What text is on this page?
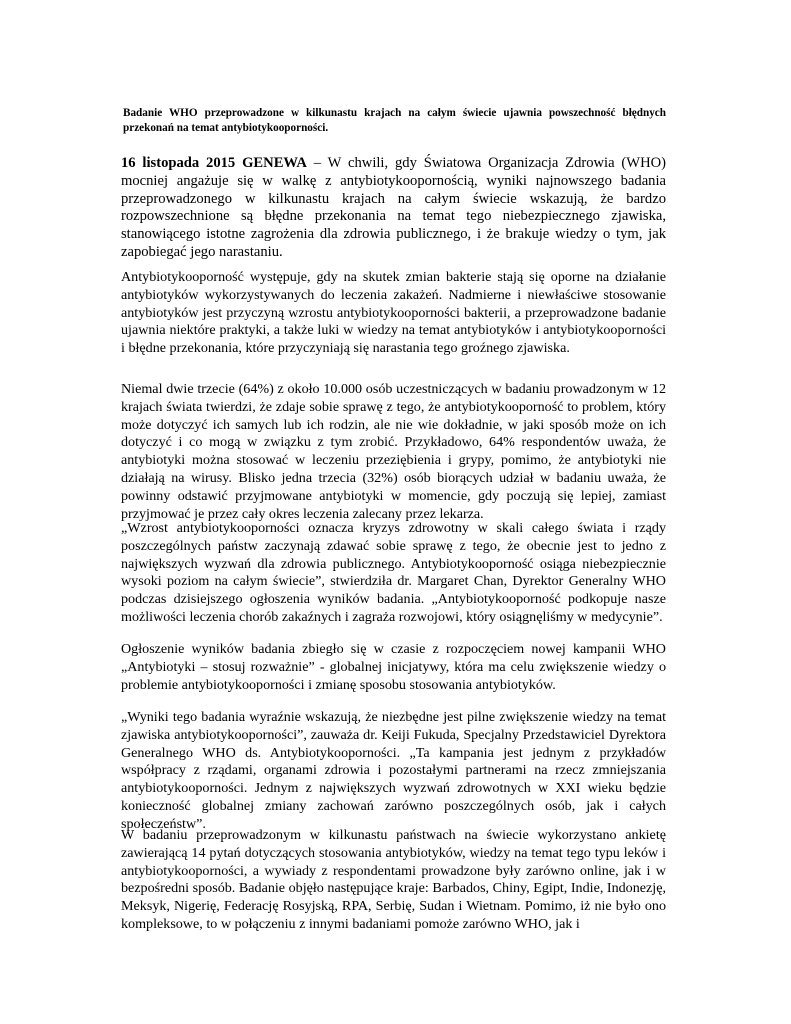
Badanie WHO przeprowadzone w kilkunastu krajach na całym świecie ujawnia powszechność błędnych przekonań na temat antybiotykooporności.

16 listopada 2015 GENEWA – W chwili, gdy Światowa Organizacja Zdrowia (WHO) mocniej angażuje się w walkę z antybiotykoopornością, wyniki najnowszego badania przeprowadzonego w kilkunastu krajach na całym świecie wskazują, że bardzo rozpowszechnione są błędne przekonania na temat tego niebezpiecznego zjawiska, stanowiącego istotne zagrożenia dla zdrowia publicznego, i że brakuje wiedzy o tym, jak zapobiegać jego narastaniu.

Antybiotykooporność występuje, gdy na skutek zmian bakterie stają się oporne na działanie antybiotyków wykorzystywanych do leczenia zakażeń. Nadmierne i niewłaściwe stosowanie antybiotyków jest przyczyną wzrostu antybiotykooporności bakterii, a przeprowadzone badanie ujawnia niektóre praktyki, a także luki w wiedzy na temat antybiotyków i antybiotykooporności i błędne przekonania, które przyczyniają się narastania tego groźnego zjawiska.

Niemal dwie trzecie (64%) z około 10.000 osób uczestniczących w badaniu prowadzonym w 12 krajach świata twierdzi, że zdaje sobie sprawę z tego, że antybiotykooporność to problem, który może dotyczyć ich samych lub ich rodzin, ale nie wie dokładnie, w jaki sposób może on ich dotyczyć i co mogą w związku z tym zrobić. Przykładowo, 64% respondentów uważa, że antybiotyki można stosować w leczeniu przeziębienia i grypy, pomimo, że antybiotyki nie działają na wirusy. Blisko jedna trzecia (32%) osób biorących udział w badaniu uważa, że powinny odstawić przyjmowane antybiotyki w momencie, gdy poczują się lepiej, zamiast przyjmować je przez cały okres leczenia zalecany przez lekarza.

„Wzrost antybiotykooporności oznacza kryzys zdrowotny w skali całego świata i rządy poszczególnych państw zaczynają zdawać sobie sprawę z tego, że obecnie jest to jedno z największych wyzwań dla zdrowia publicznego. Antybiotykooporność osiąga niebezpiecznie wysoki poziom na całym świecie”, stwierdziła dr. Margaret Chan, Dyrektor Generalny WHO podczas dzisiejszego ogłoszenia wyników badania. „Antybiotykooporność podkopuje nasze możliwości leczenia chorób zakaźnych i zagraża rozwojowi, który osiągnęliśmy w medycynie”.

Ogłoszenie wyników badania zbiegło się w czasie z rozpoczęciem nowej kampanii WHO „Antybiotyki – stosuj rozważnie” - globalnej inicjatywy, która ma celu zwiększenie wiedzy o problemie antybiotykooporności i zmianę sposobu stosowania antybiotyków.

„Wyniki tego badania wyraźnie wskazują, że niezbędne jest pilne zwiększenie wiedzy na temat zjawiska antybiotykooporności”, zauważa dr. Keiji Fukuda, Specjalny Przedstawiciel Dyrektora Generalnego WHO ds. Antybiotykooporności. „Ta kampania jest jednym z przykładów współpracy z rządami, organami zdrowia i pozostałymi partnerami na rzecz zmniejszania antybiotykooporności. Jednym z największych wyzwań zdrowotnych w XXI wieku będzie konieczność globalnej zmiany zachowań zarówno poszczególnych osób, jak i całych społeczeństw”.

W badaniu przeprowadzonym w kilkunastu państwach na świecie wykorzystano ankietę zawierającą 14 pytań dotyczących stosowania antybiotyków, wiedzy na temat tego typu leków i antybiotykooporności, a wywiady z respondentami prowadzone były zarówno online, jak i w bezpośredni sposób. Badanie objęło następujące kraje: Barbados, Chiny, Egipt, Indie, Indonezję, Meksyk, Nigerię, Federację Rosyjską, RPA, Serbię, Sudan i Wietnam. Pomimo, iż nie było ono kompleksowe, to w połączeniu z innymi badaniami pomoże zarówno WHO, jak i
